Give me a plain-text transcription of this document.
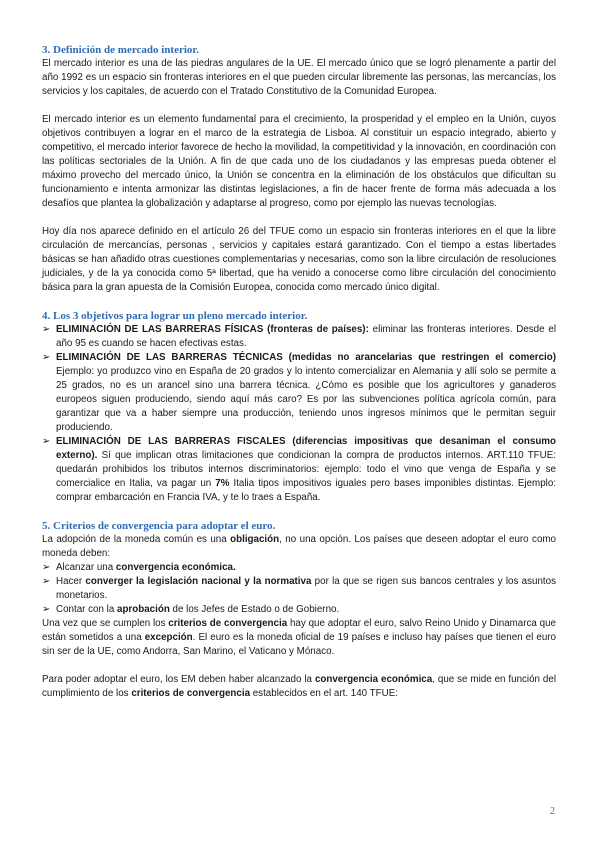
3. Definición de mercado interior.

El mercado interior es una de las piedras angulares de la UE. El mercado único que se logró plenamente a partir del año 1992 es un espacio sin fronteras interiores en el que pueden circular libremente las personas, las mercancías, los servicios y los capitales, de acuerdo con el Tratado Constitutivo de la Comunidad Europea.

El mercado interior es un elemento fundamental para el crecimiento, la prosperidad y el empleo en la Unión, cuyos objetivos contribuyen a lograr en el marco de la estrategia de Lisboa. Al constituir un espacio integrado, abierto y competitivo, el mercado interior favorece de hecho la movilidad, la competitividad y la innovación, en coordinación con las políticas sectoriales de la Unión. A fin de que cada uno de los ciudadanos y las empresas pueda obtener el máximo provecho del mercado único, la Unión se concentra en la eliminación de los obstáculos que dificultan su funcionamiento e intenta armonizar las distintas legislaciones, a fin de hacer frente de forma más adecuada a los desafíos que plantea la globalización y adaptarse al progreso, como por ejemplo las nuevas tecnologías.

Hoy día nos aparece definido en el artículo 26 del TFUE como un espacio sin fronteras interiores en el que la libre circulación de mercancías, personas , servicios y capitales estará garantizado. Con el tiempo a estas libertades básicas se han añadido otras cuestiones complementarias y necesarias, como son la libre circulación de resoluciones judiciales, y de la ya conocida como 5ª libertad, que ha venido a conocerse como libre circulación del conocimiento básica para la gran apuesta de la Comisión Europea, conocida como mercado único digital.

4. Los 3 objetivos para lograr un pleno mercado interior.
➢ ELIMINACIÓN DE LAS BARRERAS FÍSICAS (fronteras de países): eliminar las fronteras interiores. Desde el año 95 es cuando se hacen efectivas estas.
➢ ELIMINACIÓN DE LAS BARRERAS TÉCNICAS (medidas no arancelarias que restringen el comercio) Ejemplo: yo produzco vino en España de 20 grados y lo intento comercializar en Alemania y allí solo se permite a 25 grados, no es un arancel sino una barrera técnica. ¿Cómo es posible que los agricultores y ganaderos europeos siguen produciendo, siendo aquí más caro? Es por las subvenciones política agrícola común, para garantizar que va a haber siempre una producción, teniendo unos ingresos mínimos que le permitan seguir produciendo.
➢ ELIMINACIÓN DE LAS BARRERAS FISCALES (diferencias impositivas que desaniman el consumo externo). Sí que implican otras limitaciones que condicionan la compra de productos internos. ART.110 TFUE: quedarán prohibidos los tributos internos discriminatorios: ejemplo: todo el vino que venga de España y se comercialice en Italia, va pagar un 7% Italia tipos impositivos iguales pero bases imponibles distintas. Ejemplo: comprar embarcación en Francia IVA, y te lo traes a España.
5. Criterios de convergencia para adoptar el euro.

La adopción de la moneda común es una obligación, no una opción. Los países que deseen adoptar el euro como moneda deben:

➢ Alcanzar una convergencia económica.
➢ Hacer converger la legislación nacional y la normativa por la que se rigen sus bancos centrales y los asuntos monetarios.
➢ Contar con la aprobación de los Jefes de Estado o de Gobierno.

Una vez que se cumplen los criterios de convergencia hay que adoptar el euro, salvo Reino Unido y Dinamarca que están sometidos a una excepción. El euro es la moneda oficial de 19 países e incluso hay países que tienen el euro sin ser de la UE, como Andorra, San Marino, el Vaticano y Mónaco.

Para poder adoptar el euro, los EM deben haber alcanzado la convergencia económica, que se mide en función del cumplimiento de los criterios de convergencia establecidos en el art. 140 TFUE:

2
